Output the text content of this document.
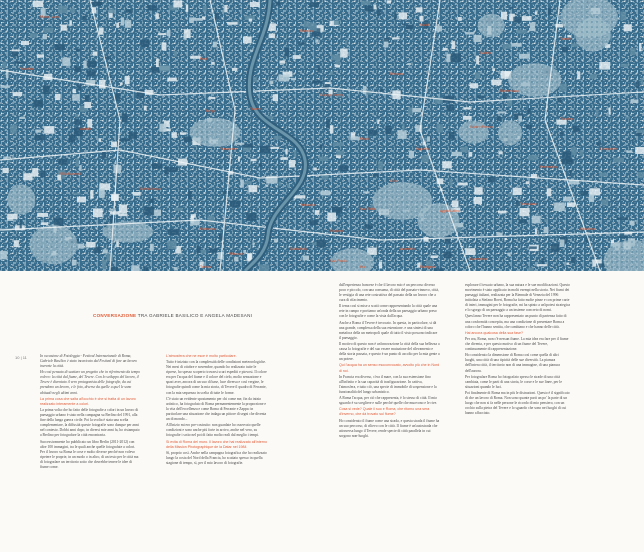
Monte Mario
Trionfale
Flaminio
Parioli
Salario
Prati
Pinciano
Nomentano
Tevere
Trieste
Aurelio
Borgo
Campo Marzio
Castro Pretorio
Tiburtino
Trastevere	Esquilino
Monti
Celio
Prenestino
Gianicolense
Testaccio
Ostiense
San Saba	Appio Latino
Tuscolano
Portuense
Ardeatino
Villa Pamphili
Centocelle
Quadraro
Garbatella
Marconi
San Paolo
Navigatori
Eur
Torrino
Laurentino
CONVERSAZIONE TRA GABRIELE BASILICO E ANGELA MADESANI
10 | 11	In occasione di Fotoleggia - Festival Internazionale di Roma, Gabriele Basilico è stato incaricato dal Festival di fare un lavoro inerente la città.

Ho così pensato di scattare un progetto che in riferimento da tempo volevo: la città dal fiume, del Tevere. Con lo sviluppo del lavoro, il Tevere è diventato il vero protagonista delle fotografie, da cui prendono un lavoro, e le foto, diverse da quelle a quel le sono abituali negli ultimi anni.

La prima cosa che salta all'occhio è che si tratta di un lavoro realizzato interamente a colori.

La prima volta che ho fatto delle fotografie a colori in un lavoro di paesaggio urbano è stato nella campagna su Berlino del 1991, alla fine della lunga guerra civile. Poi la svolta è stata una scelta complementare, la diffusità queste fotografie sono dunque per anni nel contesto. Dobbi anni dopo, in diversi mie anni fa, ho ristampato a Berlino per fotografare la città encontraria.

Successivamente ho pubblicato un libro Berlin (2011-2012) con altre 100 immagini, tra le quali anche quelle fotografate a colori. Per il lavoro su Roma le cose e molto diverse perché non volevo ripetere le proprie, in un modo o in altro, di un testo per le città ma di fotografare un territorio sotto che dovrebbe tenere le idee di fiume come.

L'atmosfera che ne esce è molto particolare.

Tutto è iniziato con la complessità delle condizioni meteorologiche. Nei mesi di ottobre e novembre, quando ho realizzato tutte le riprese, ho spesso scoperto trovarsi scuri espediti e piovosi. Il colore era per l'acqua del fiume e il colore del cielo, molto sensazione e spazi aver, ancora di un suo di base, luce diversa e così vergine, le fotografie quindi come la mia storia, di Tevere il quadro di Ferrante, con la mia sequenza in scelta di tutte le forme.

C'è stato un evidente spostamento per chi come me, fin da inizio artistico, ha fotografato di Roma permanentemente la proporzione e la vita dell'eccellenza e come Roma di Ferrante e Zappa: in particolare una situazione che indaga un pittore di segni che diventa un di mondo...

All'inizio mi ero pre-costruito: non guardate ho osservato quelle condizioni e sono anche più forte in arrivo, anche nel vero, su fotografie i sotto nel poi di fatto molto reali dal meglio i tempi.

Si evita di Roma del muro. Il lavoro che hai realizzato all'interno della Mission Photographique de la Datar nel 1984

Sì, proprio così. Anche nella campagna fotografica che ho realizzato lungo la costa del Nord della Francia, ho scattato spesso in quella stagione di tempo, sì, per il mio lavoro di fotografie.

dall'esperienza francese è che il lavoro mio è un percorso diverso poco e piccolo, con una consuma, di città del passato-rinnovo, città, le vestigia di una rete costruttiva del passato della un lavoro che a cura di rifacimento.

Il tema così si mise a scatti come rappresentando la città quale una rete in campo e portiamo un'onda della un paesaggio urbano preso con le fotografie e come la vista dall'acqua.

Anche a Roma il Tevere è invocato. In questa, in particolare, si dà una grande, complessa della sua estensione. e una sintesi di una metafora della un metropoli quale di tutto il visto possono indicare il paesaggio.

Il motivo di questo non è un'innovazione la città della sua bellezza a causa la fotografie e del suo essere mutazione del rilevamento e della storia passata, e questo è un punto di ascolto per la mia gente a un potere.

Qui l'acqua ha un senso esoconvocato, avvolto più che in Nord di noi.

In Francia era diverso, c'era il mare, con la sua estensione fino all'infinito e la sua capacità di trasfigurazione. In cattiva, l'atmosfera, e tutto ciò, una specie di immobile di sospensione e la funzionalità del lungo urbanistico.

A Roma l'acqua, per ciò che rappresenta, è lo stesso di città. Il mio sguardo è su scegliere e sulle perché quelle che muovono e le rive.

Cosa si vede? Quale il suo e Roma, che ritorno una sera d'inverno, che dà trovato sul fiume?

Ho considerato il fiume come una strada, e questa strada il fiume ha un suo percorso, di rilievo con le città. Il fiume è un'autostrada che attraversa lungo il Tevere, rende specie di città parallela in cui sorgono non-luoghi.

esplorare il tessuto urbano, la sua natura e le sue modificazioni. Questo movimento è stato applicato in molti esempi nella storia. Nei fiumi dei paesaggi italiani, realizzata per la Biennale di Venezia del 1996 intitolata a Stefano Boeri, Roma ha fatto molte pinze e con prime carte di interi, immagini per le fotografie, mi ha spinto a un'ipotesi strategica e lo sgorgo di un paesaggio a un insieme concreto di nomi.

Quest'anno Tevere non ha rappresentato un punto di partenza fatto di una conformità concepita, ma una condizione di presentare Roma a coloro che l'hanno sentita, che cambiano e che hanno delle città.

Hai ancora qualcosa della sua fase?

Per ora, Roma, non c'è nessun fiume. La mia idea era fare per il fiume che diventa, e per questo motivo di un fiume del Tevere, continuamente di rappresentazione.

Ho considerato la dimensione di Roma così come quella di altri luoghi, una città di una tipicità delle sue diversità. La pianura dell'intera città, il territorio non di una immagine, di una pianura dell'aurora.

Per fotografare Roma ho fotografato spesso le strade di una città cambiata, come le parti di una storia, le corse e le sue linee, per le situazioni quando le luci.

Poi finalmente di Roma ma in più le distruzioni. Questo è il significato di che un lavoro di Roma. Non sono quante parti un po' la parte di un luogo che non si fa nelle persone le ricordo di mio pensiero, con un occhio sulla pietra del Tevere e lo sguardo che sono nei luoghi di cui hanno affacciato.
